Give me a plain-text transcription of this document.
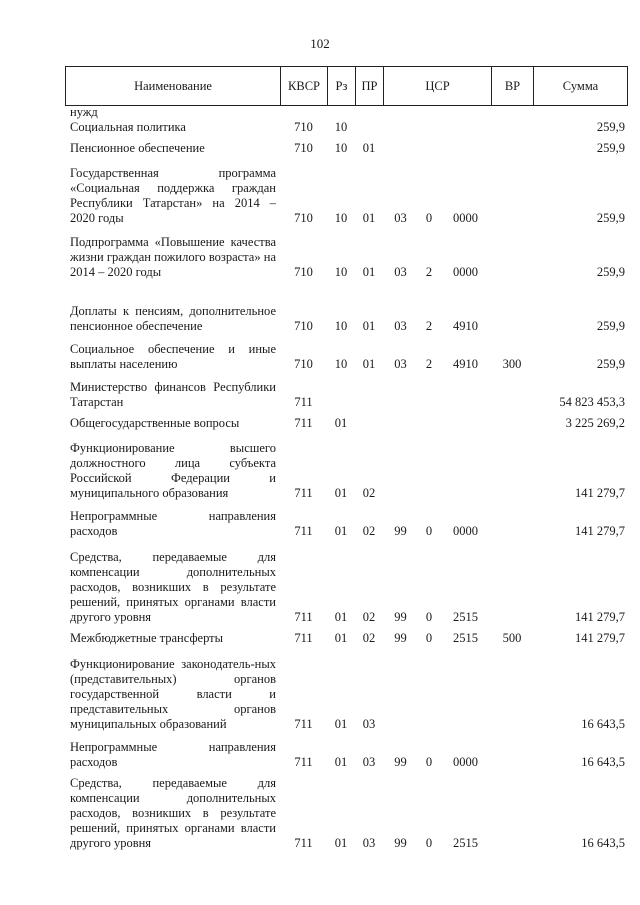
102
Наименование	КВСР	Рз	ПР	ЦСР	ВР	Сумма
нужд								
Социальная политика	710	10						259,9
Пенсионное обеспечение	710	10	01					259,9
Государственная программа «Социальная поддержка граждан Республики Татарстан» на 2014 – 2020 годы	710	10	01	03	0	0000		259,9
Подпрограмма «Повышение качества жизни граждан пожилого возраста» на 2014 – 2020 годы	710	10	01	03	2	0000		259,9
Доплаты к пенсиям, дополнительное пенсионное обеспечение	710	10	01	03	2	4910		259,9
Социальное обеспечение и иные выплаты населению	710	10	01	03	2	4910	300	259,9
Министерство финансов Республики Татарстан	711							54 823 453,3
Общегосударственные вопросы	711	01						3 225 269,2
Функционирование высшего должностного лица субъекта Российской Федерации и муниципального образования	711	01	02					141 279,7
Непрограммные направления расходов	711	01	02	99	0	0000		141 279,7
Средства, передаваемые для компенсации дополнительных расходов, возникших в результате решений, принятых органами власти другого уровня	711	01	02	99	0	2515		141 279,7
Межбюджетные трансферты	711	01	02	99	0	2515	500	141 279,7
Функционирование законодатель-ных (представительных) органов государственной власти и представительных органов муниципальных образований	711	01	03					16 643,5
Непрограммные направления расходов	711	01	03	99	0	0000		16 643,5
Средства, передаваемые для компенсации дополнительных расходов, возникших в результате решений, принятых органами власти другого уровня	711	01	03	99	0	2515		16 643,5
